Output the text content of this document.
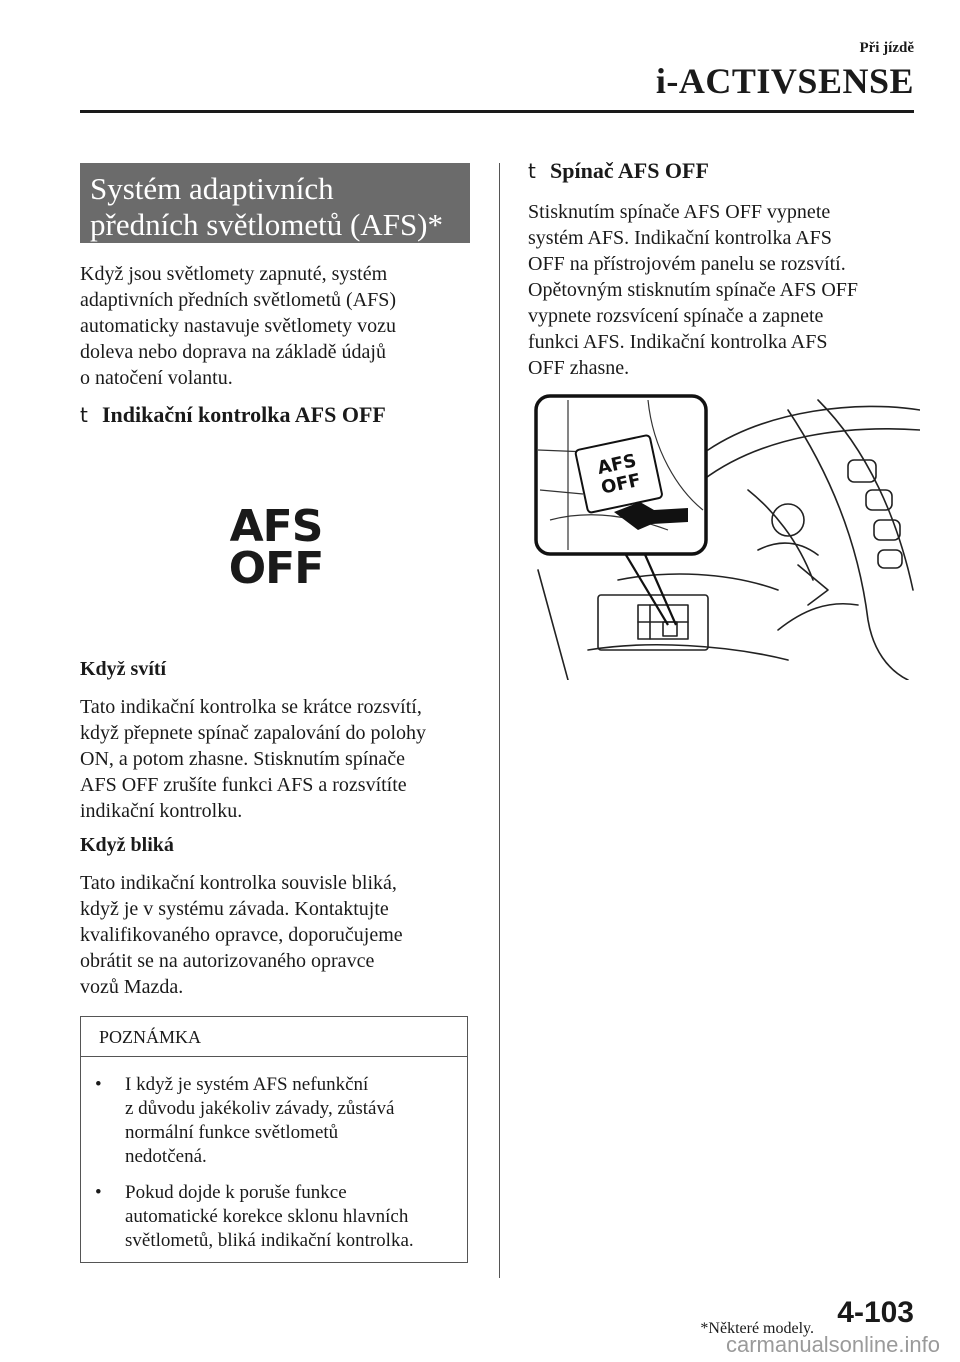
Při jízdě
i-ACTIVSENSE
Systém adaptivních
předních světlometů (AFS)*
Když jsou světlomety zapnuté, systém
adaptivních předních světlometů (AFS)
automaticky nastavuje světlomety vozu
doleva nebo doprava na základě údajů
o natočení volantu.
t Indikační kontrolka AFS OFF
AFS
OFF
Když svítí
Tato indikační kontrolka se krátce rozsvítí,
když přepnete spínač zapalování do polohy
ON, a potom zhasne. Stisknutím spínače
AFS OFF zrušíte funkci AFS a rozsvítíte
indikační kontrolku.
Když bliká
Tato indikační kontrolka souvisle bliká,
když je v systému závada. Kontaktujte
kvalifikovaného opravce, doporučujeme
obrátit se na autorizovaného opravce
vozů Mazda.
POZNÁMKA
•	I když je systém AFS nefunkční
z důvodu jakékoliv závady, zůstává
normální funkce světlometů
nedotčená.
•	Pokud dojde k poruše funkce
automatické korekce sklonu hlavních
světlometů, bliká indikační kontrolka.
t Spínač AFS OFF
Stisknutím spínače AFS OFF vypnete
systém AFS. Indikační kontrolka AFS
OFF na přístrojovém panelu se rozsvítí.
Opětovným stisknutím spínače AFS OFF
vypnete rozsvícení spínače a zapnete
funkci AFS. Indikační kontrolka AFS
OFF zhasne.
AFS
OFF
*Některé modely. 4-103
carmanualsonline.info
